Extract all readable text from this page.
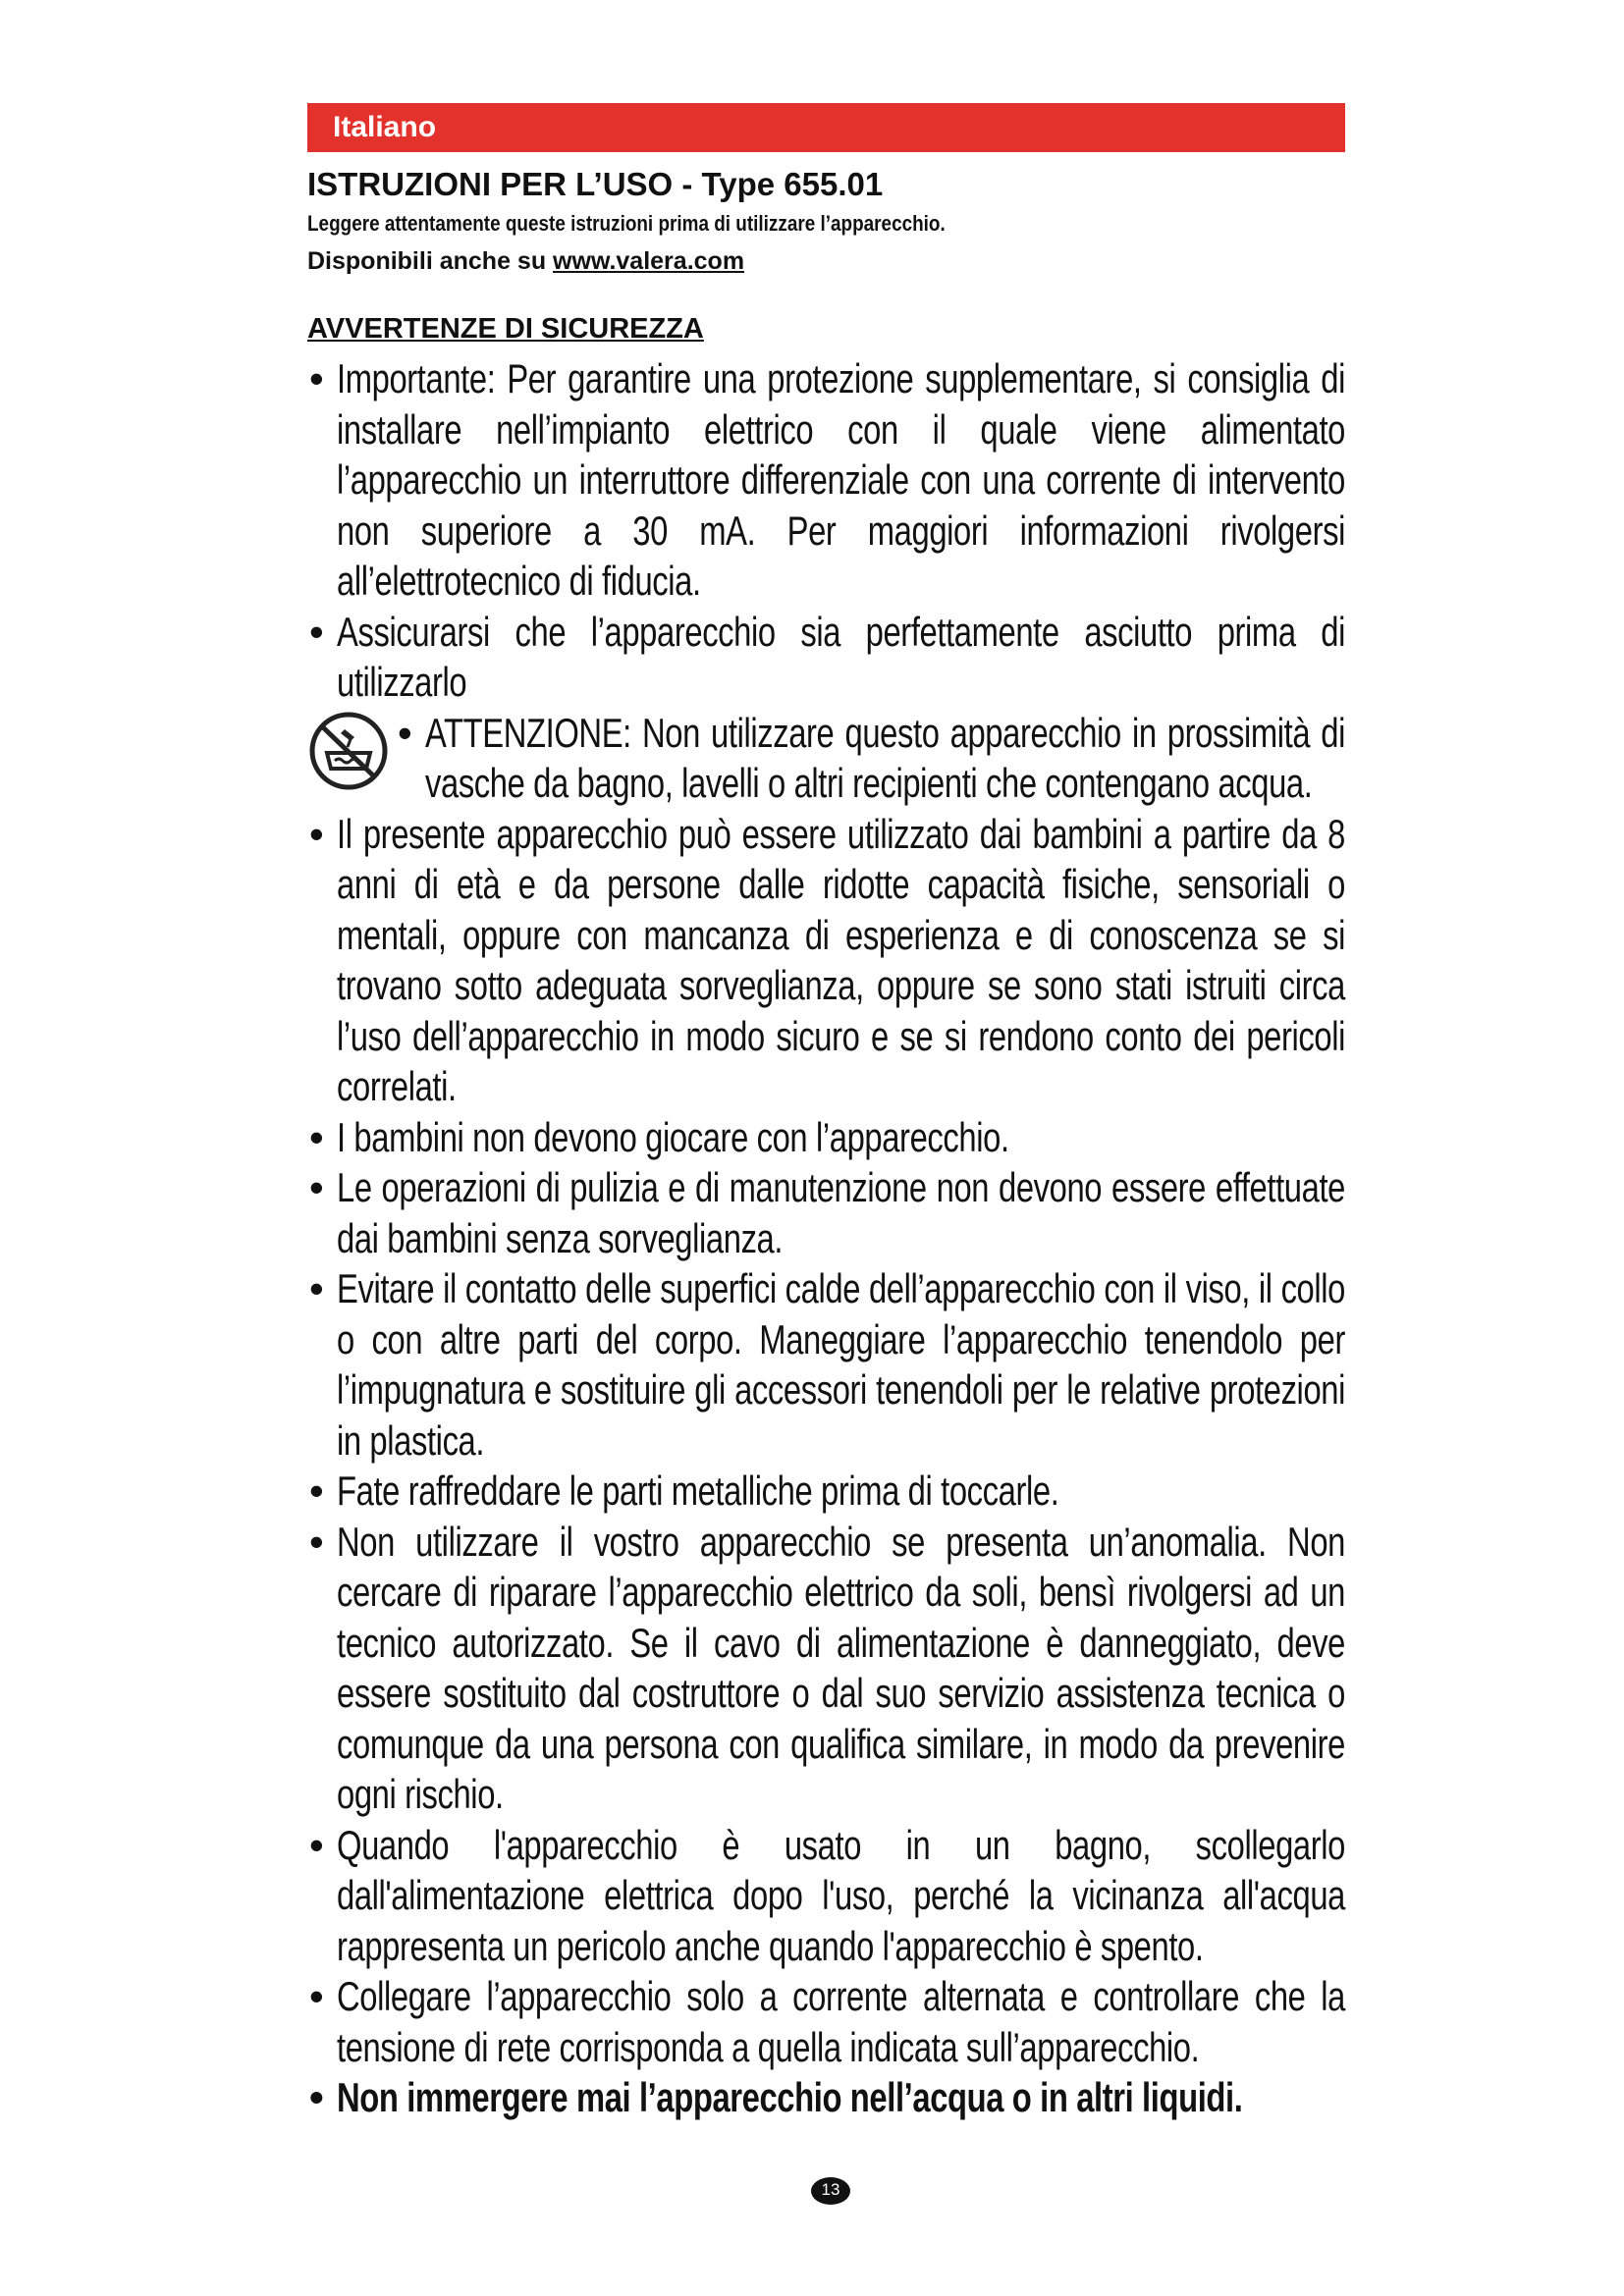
Italiano
ISTRUZIONI PER L’USO - Type 655.01
Leggere attentamente queste istruzioni prima di utilizzare l’apparecchio.
Disponibili anche su www.valera.com
AVVERTENZE DI SICUREZZA
• Importante: Per garantire una protezione supplementare, si consiglia di installare nell’impianto elettrico con il quale viene alimentato l’apparecchio un interruttore differenziale con una corrente di intervento non superiore a 30 mA. Per maggiori informazioni rivolgersi all’elettrotecnico di fiducia.
• Assicurarsi che l’apparecchio sia perfettamente asciutto prima di utilizzarlo
• ATTENZIONE: Non utilizzare questo apparecchio in prossimità di vasche da bagno, lavelli o altri recipienti che contengano acqua.
• Il presente apparecchio può essere utilizzato dai bambini a partire da 8 anni di età e da persone dalle ridotte capacità fisiche, sensoriali o mentali, oppure con mancanza di esperienza e di conoscenza se si trovano sotto adeguata sorveglianza, oppure se sono stati istruiti circa l’uso dell’apparecchio in modo sicuro e se si rendono conto dei pericoli correlati.
• I bambini non devono giocare con l’apparecchio.
• Le operazioni di pulizia e di manutenzione non devono essere effettuate dai bambini senza sorveglianza.
• Evitare il contatto delle superfici calde dell’apparecchio con il viso, il collo o con altre parti del corpo. Maneggiare l’apparecchio tenendolo per l’impugnatura e sostituire gli accessori tenendoli per le relative protezioni in plastica.
• Fate raffreddare le parti metalliche prima di toccarle.
• Non utilizzare il vostro apparecchio se presenta un’anomalia. Non cercare di riparare l’apparecchio elettrico da soli, bensì rivolgersi ad un tecnico autorizzato. Se il cavo di alimentazione è danneggiato, deve essere sostituito dal costruttore o dal suo servizio assistenza tecnica o comunque da una persona con qualifica similare, in modo da prevenire ogni rischio.
• Quando l'apparecchio è usato in un bagno, scollegarlo dall'alimentazione elettrica dopo l'uso, perché la vicinanza all'acqua rappresenta un pericolo anche quando l'apparecchio è spento.
• Collegare l’apparecchio solo a corrente alternata e controllare che la tensione di rete corrisponda a quella indicata sull’apparecchio.
• Non immergere mai l’apparecchio nell’acqua o in altri liquidi.
13
